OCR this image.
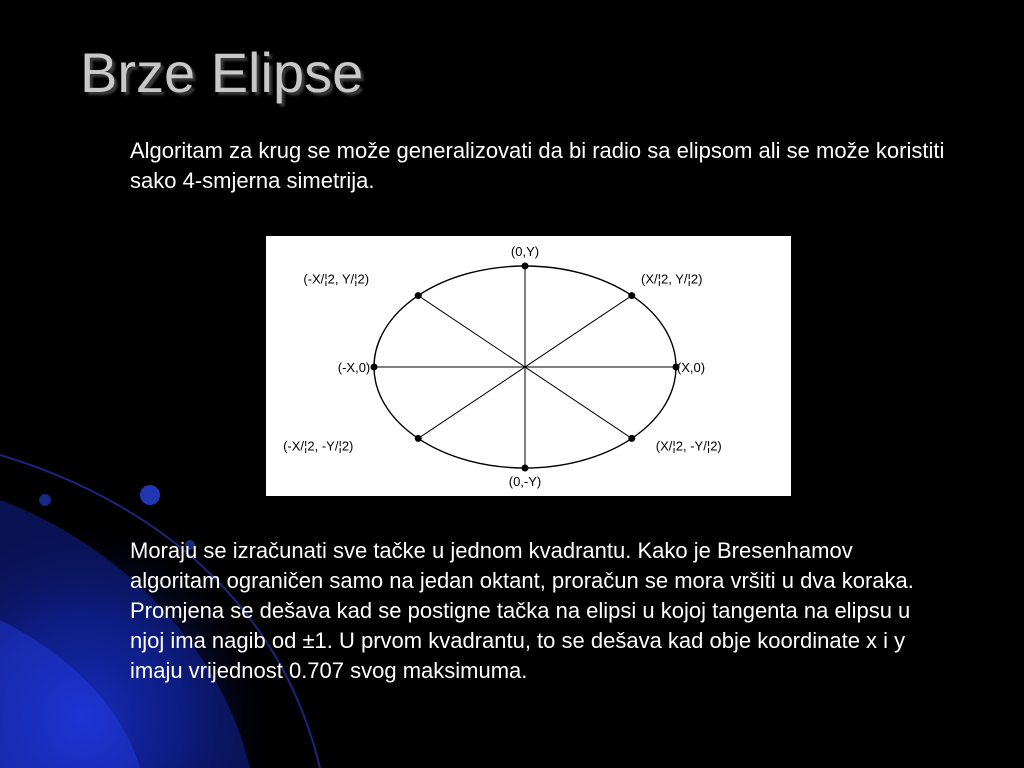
Brze Elipse

Algoritam za krug se može generalizovati da bi radio sa elipsom ali se može koristiti sako 4-smjerna simetrija.

(0,Y)
(0,-Y)
(-X,0)	(X,0)
(-X/¦2, Y/¦2)	(X/¦2, Y/¦2)
(-X/¦2, -Y/¦2)	(X/¦2, -Y/¦2)

Moraju se izračunati sve tačke u jednom kvadrantu. Kako je Bresenhamov algoritam ograničen samo na jedan oktant, proračun se mora vršiti u dva koraka. Promjena se dešava kad se postigne tačka na elipsi u kojoj tangenta na elipsu u njoj ima nagib od ±1. U prvom kvadrantu, to se dešava kad obje koordinate x i y imaju vrijednost 0.707 svog maksimuma.
